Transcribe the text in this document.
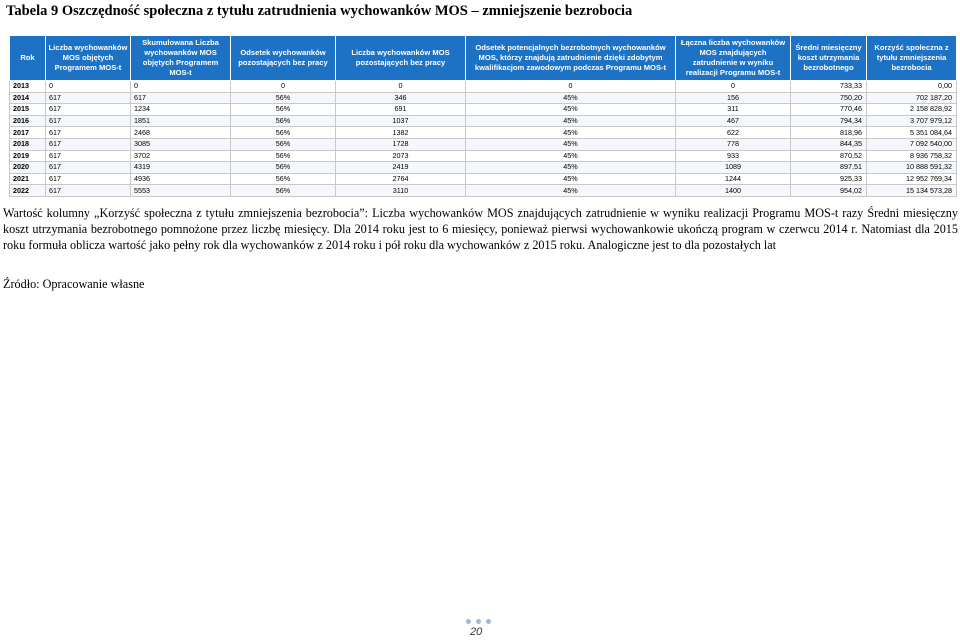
Tabela 9 Oszczędność społeczna z tytułu zatrudnienia wychowanków MOS – zmniejszenie bezrobocia
Rok	Liczba wychowanków MOS objętych Programem MOS-t	Skumulowana Liczba wychowanków MOS objętych Programem MOS-t	Odsetek wychowanków pozostających bez pracy	Liczba wychowanków MOS pozostających bez pracy	Odsetek potencjalnych bezrobotnych wychowanków MOS, którzy znajdują zatrudnienie dzięki zdobytym kwalifikacjom zawodowym podczas Programu MOS-t	Łączna liczba wychowanków MOS znajdujących zatrudnienie w wyniku realizacji Programu MOS-t	Średni miesięczny koszt utrzymania bezrobotnego	Korzyść społeczna z tytułu zmniejszenia bezrobocia
2013	0	0	0	0	0	0	733,33	0,00
2014	617	617	56%	346	45%	156	750,20	702 187,20
2015	617	1234	56%	691	45%	311	770,46	2 158 828,92
2016	617	1851	56%	1037	45%	467	794,34	3 707 979,12
2017	617	2468	56%	1382	45%	622	818,96	5 351 084,64
2018	617	3085	56%	1728	45%	778	844,35	7 092 540,00
2019	617	3702	56%	2073	45%	933	870,52	8 936 758,32
2020	617	4319	56%	2419	45%	1089	897,51	10 888 591,32
2021	617	4936	56%	2764	45%	1244	925,33	12 952 769,34
2022	617	5553	56%	3110	45%	1400	954,02	15 134 573,28
Wartość kolumny „Korzyść społeczna z tytułu zmniejszenia bezrobocia”: Liczba wychowanków MOS znajdujących zatrudnienie w wyniku realizacji Programu MOS-t razy Średni miesięczny koszt utrzymania bezrobotnego pomnożone przez liczbę miesięcy. Dla 2014 roku jest to 6 miesięcy, ponieważ pierwsi wychowankowie ukończą program w czerwcu 2014 r. Natomiast dla 2015 roku formuła oblicza wartość jako pełny rok dla wychowanków z 2014 roku i pół roku dla wychowanków z 2015 roku. Analogiczne jest to dla pozostałych lat
Źródło: Opracowanie własne
20
